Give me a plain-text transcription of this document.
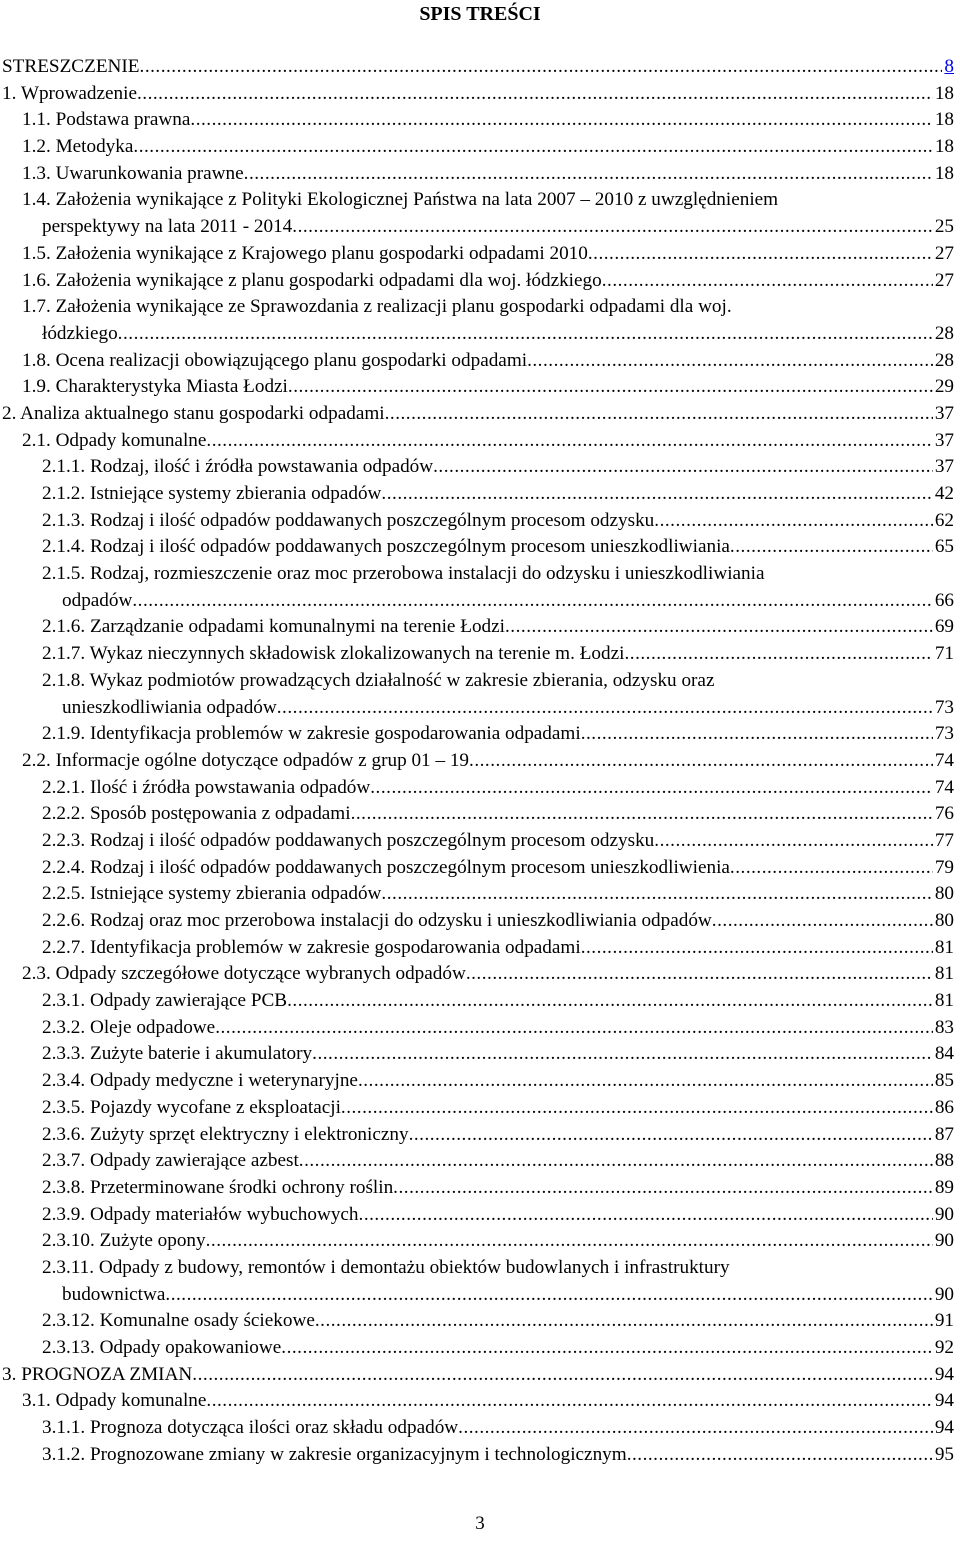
SPIS TREŚCI
STRESZCZENIE .....	8
1. Wprowadzenie .....	18
1.1. Podstawa prawna .....	18
1.2. Metodyka .....	18
1.3. Uwarunkowania prawne .....	18
1.4. Założenia wynikające z Polityki Ekologicznej Państwa na lata 2007 – 2010 z uwzględnieniem
perspektywy na lata 2011 - 2014 .....	25
1.5. Założenia wynikające z Krajowego planu gospodarki odpadami 2010 .....	27
1.6. Założenia wynikające z planu gospodarki odpadami dla woj. łódzkiego .....	27
1.7. Założenia wynikające ze Sprawozdania z realizacji planu gospodarki odpadami dla woj.
łódzkiego .....	28
1.8. Ocena realizacji obowiązującego planu gospodarki odpadami .....	28
1.9. Charakterystyka Miasta Łodzi .....	29
2. Analiza aktualnego stanu gospodarki odpadami .....	37
2.1. Odpady komunalne .....	37
2.1.1. Rodzaj, ilość i źródła powstawania odpadów .....	37
2.1.2. Istniejące systemy zbierania odpadów .....	42
2.1.3. Rodzaj i ilość odpadów poddawanych poszczególnym procesom odzysku .....	62
2.1.4. Rodzaj i ilość odpadów poddawanych poszczególnym procesom unieszkodliwiania .....	65
2.1.5. Rodzaj, rozmieszczenie oraz moc przerobowa instalacji do odzysku i unieszkodliwiania
odpadów .....	66
2.1.6. Zarządzanie odpadami komunalnymi na terenie Łodzi .....	69
2.1.7. Wykaz nieczynnych składowisk zlokalizowanych na terenie m. Łodzi .....	71
2.1.8. Wykaz podmiotów prowadzących działalność w zakresie zbierania, odzysku oraz
unieszkodliwiania odpadów .....	73
2.1.9. Identyfikacja problemów w zakresie gospodarowania odpadami .....	73
2.2. Informacje ogólne dotyczące odpadów z grup 01 – 19 .....	74
2.2.1. Ilość i źródła powstawania odpadów .....	74
2.2.2. Sposób postępowania z odpadami .....	76
2.2.3. Rodzaj i ilość odpadów poddawanych poszczególnym procesom odzysku .....	77
2.2.4. Rodzaj i ilość odpadów poddawanych poszczególnym procesom unieszkodliwienia .....	79
2.2.5. Istniejące systemy zbierania odpadów .....	80
2.2.6. Rodzaj oraz moc przerobowa instalacji do odzysku i unieszkodliwiania odpadów .....	80
2.2.7. Identyfikacja problemów w zakresie gospodarowania odpadami .....	81
2.3. Odpady szczegółowe dotyczące wybranych odpadów .....	81
2.3.1. Odpady zawierające PCB .....	81
2.3.2. Oleje odpadowe .....	83
2.3.3. Zużyte baterie i akumulatory .....	84
2.3.4. Odpady medyczne i weterynaryjne .....	85
2.3.5. Pojazdy wycofane z eksploatacji .....	86
2.3.6. Zużyty sprzęt elektryczny i elektroniczny .....	87
2.3.7. Odpady zawierające azbest .....	88
2.3.8. Przeterminowane środki ochrony roślin .....	89
2.3.9. Odpady materiałów wybuchowych .....	90
2.3.10. Zużyte opony .....	90
2.3.11. Odpady z budowy, remontów i demontażu obiektów budowlanych i infrastruktury
budownictwa .....	90
2.3.12. Komunalne osady ściekowe .....	91
2.3.13. Odpady opakowaniowe .....	92
3. PROGNOZA ZMIAN .....	94
3.1. Odpady komunalne .....	94
3.1.1. Prognoza dotycząca ilości oraz składu odpadów .....	94
3.1.2. Prognozowane zmiany w zakresie organizacyjnym i technologicznym .....	95
3
